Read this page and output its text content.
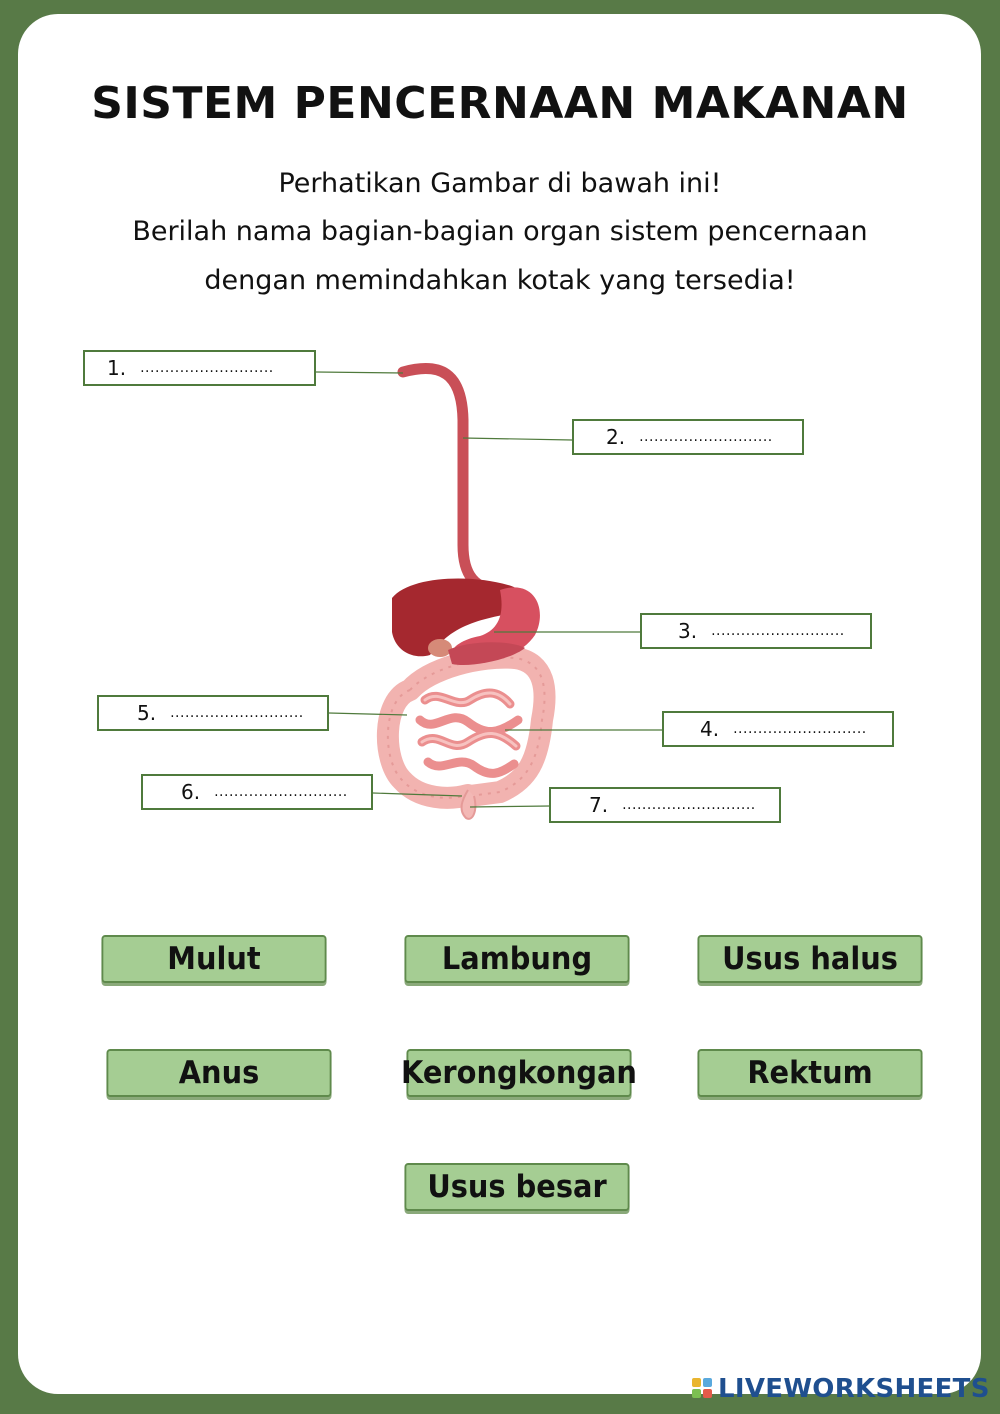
SISTEM PENCERNAAN MAKANAN
Perhatikan Gambar di bawah ini!
Berilah nama bagian-bagian organ sistem pencernaan
dengan memindahkan kotak yang tersedia!
1. ...........................
2. ...........................
3. ...........................
4. ...........................
5. ...........................
6. ...........................
7. ...........................
Mulut	Lambung	Usus halus
Anus	Kerongkongan	Rektum
Usus besar
LIVEWORKSHEETS
